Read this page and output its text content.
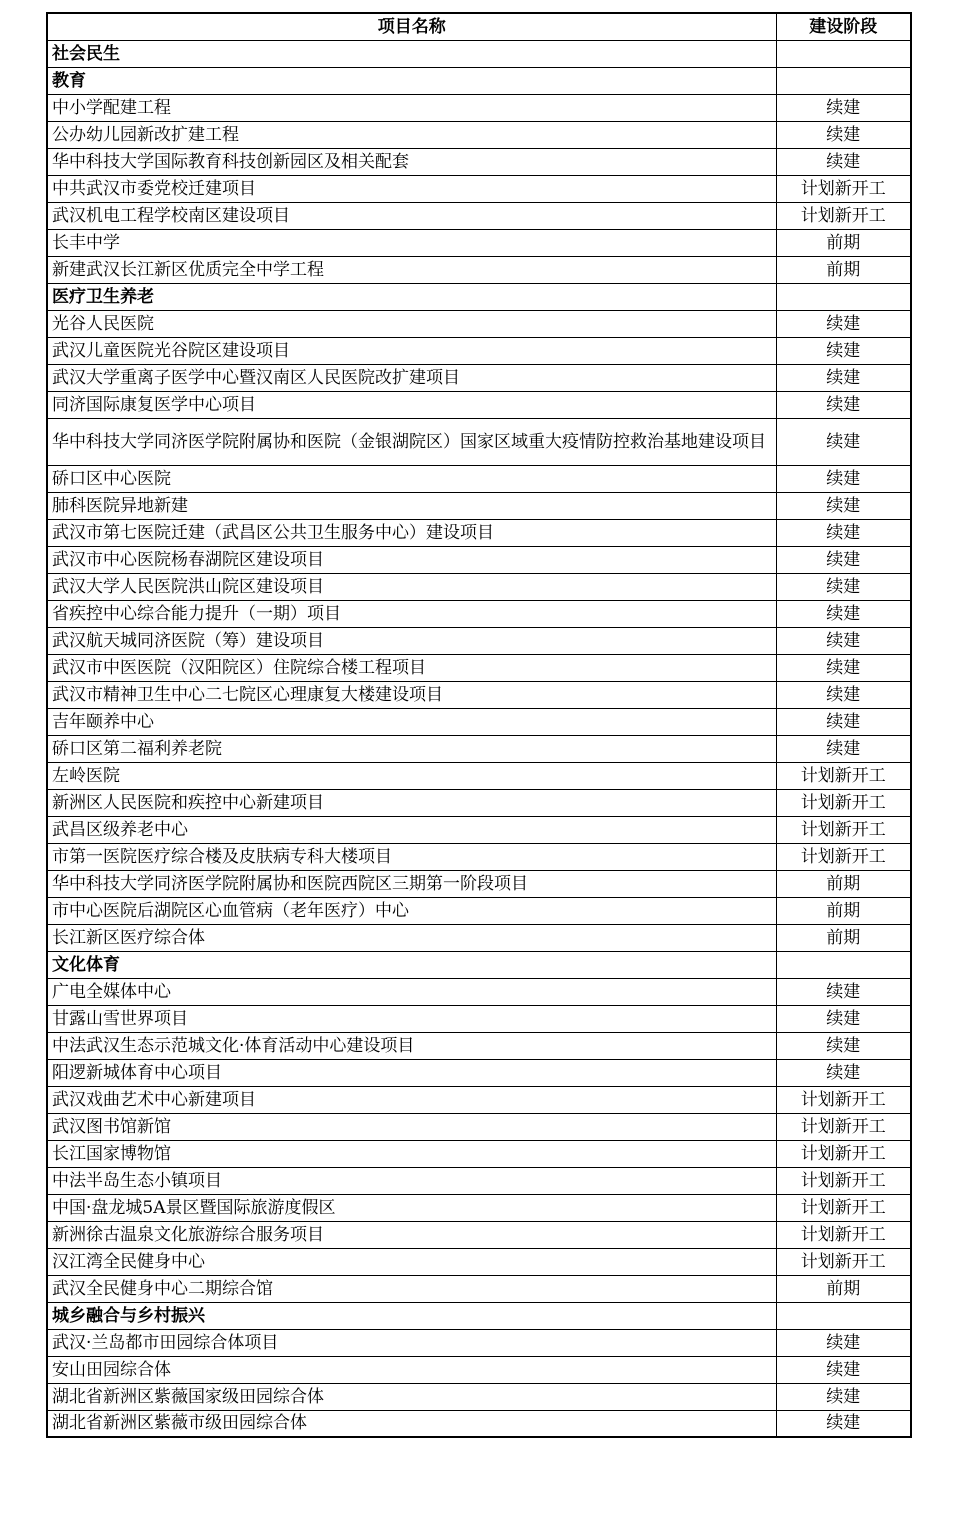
项目名称	建设阶段
社会民生	
教育	
中小学配建工程	续建
公办幼儿园新改扩建工程	续建
华中科技大学国际教育科技创新园区及相关配套	续建
中共武汉市委党校迁建项目	计划新开工
武汉机电工程学校南区建设项目	计划新开工
长丰中学	前期
新建武汉长江新区优质完全中学工程	前期
医疗卫生养老	
光谷人民医院	续建
武汉儿童医院光谷院区建设项目	续建
武汉大学重离子医学中心暨汉南区人民医院改扩建项目	续建
同济国际康复医学中心项目	续建
华中科技大学同济医学院附属协和医院（金银湖院区）国家区域重大疫情防控救治基地建设项目	续建
硚口区中心医院	续建
肺科医院异地新建	续建
武汉市第七医院迁建（武昌区公共卫生服务中心）建设项目	续建
武汉市中心医院杨春湖院区建设项目	续建
武汉大学人民医院洪山院区建设项目	续建
省疾控中心综合能力提升（一期）项目	续建
武汉航天城同济医院（筹）建设项目	续建
武汉市中医医院（汉阳院区）住院综合楼工程项目	续建
武汉市精神卫生中心二七院区心理康复大楼建设项目	续建
吉年颐养中心	续建
硚口区第二福利养老院	续建
左岭医院	计划新开工
新洲区人民医院和疾控中心新建项目	计划新开工
武昌区级养老中心	计划新开工
市第一医院医疗综合楼及皮肤病专科大楼项目	计划新开工
华中科技大学同济医学院附属协和医院西院区三期第一阶段项目	前期
市中心医院后湖院区心血管病（老年医疗）中心	前期
长江新区医疗综合体	前期
文化体育	
广电全媒体中心	续建
甘露山雪世界项目	续建
中法武汉生态示范城文化·体育活动中心建设项目	续建
阳逻新城体育中心项目	续建
武汉戏曲艺术中心新建项目	计划新开工
武汉图书馆新馆	计划新开工
长江国家博物馆	计划新开工
中法半岛生态小镇项目	计划新开工
中国·盘龙城5A景区暨国际旅游度假区	计划新开工
新洲徐古温泉文化旅游综合服务项目	计划新开工
汉江湾全民健身中心	计划新开工
武汉全民健身中心二期综合馆	前期
城乡融合与乡村振兴	
武汉·兰岛都市田园综合体项目	续建
安山田园综合体	续建
湖北省新洲区紫薇国家级田园综合体	续建
湖北省新洲区紫薇市级田园综合体	续建
